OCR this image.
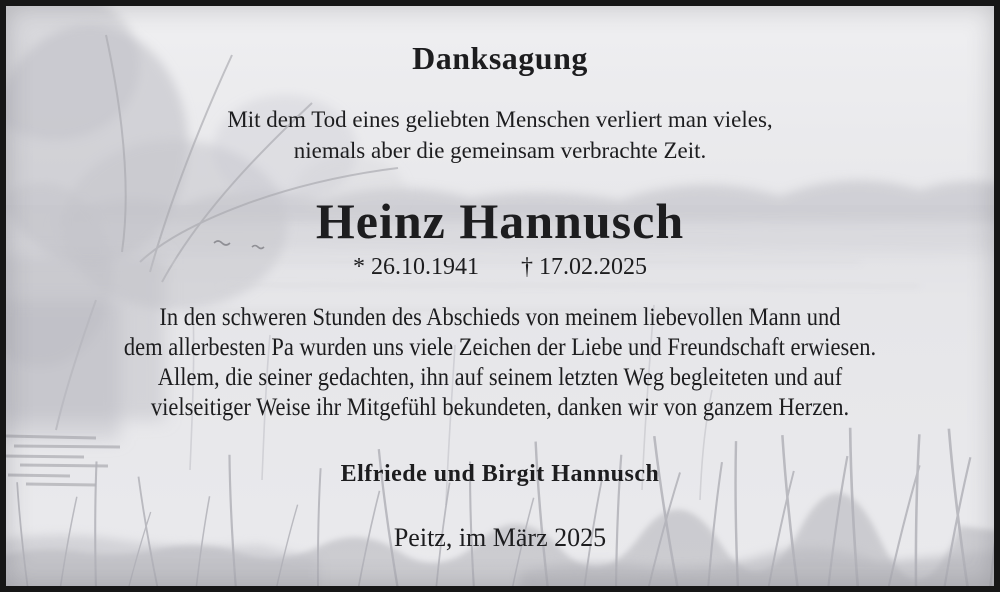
Danksagung
Mit dem Tod eines geliebten Menschen verliert man vieles,
niemals aber die gemeinsam verbrachte Zeit.
Heinz Hannusch
* 26.10.1941 † 17.02.2025
In den schweren Stunden des Abschieds von meinem liebevollen Mann und
dem allerbesten Pa wurden uns viele Zeichen der Liebe und Freundschaft erwiesen.
Allem, die seiner gedachten, ihn auf seinem letzten Weg begleiteten und auf
vielseitiger Weise ihr Mitgefühl bekundeten, danken wir von ganzem Herzen.
Elfriede und Birgit Hannusch
Peitz, im März 2025
